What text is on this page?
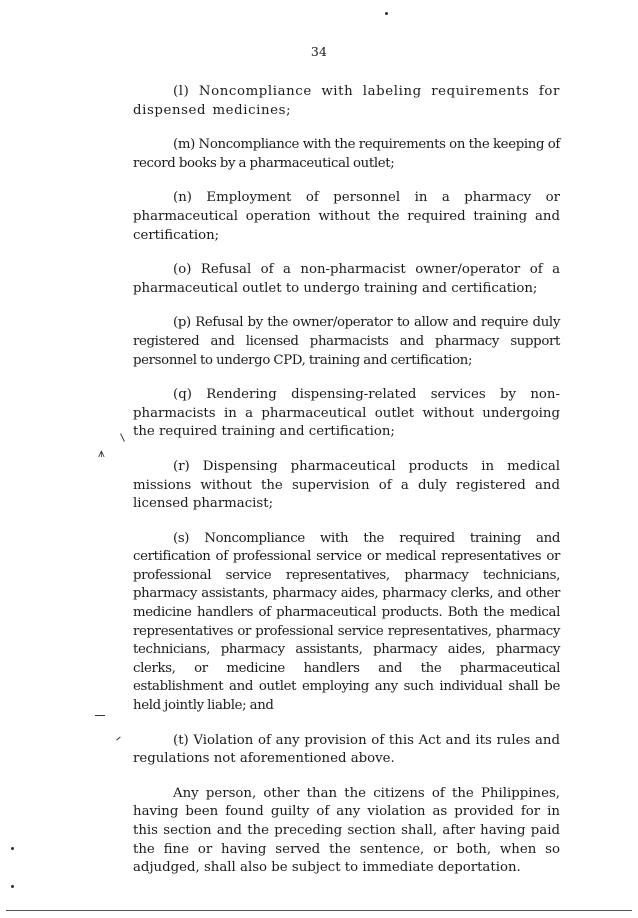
34

(l) Noncompliance with labeling requirements for dispensed medicines;

(m) Noncompliance with the requirements on the keeping of record books by a pharmaceutical outlet;

(n) Employment of personnel in a pharmacy or pharmaceutical operation without the required training and certification;

(o) Refusal of a non-pharmacist owner/operator of a pharmaceutical outlet to undergo training and certification;

(p) Refusal by the owner/operator to allow and require duly registered and licensed pharmacists and pharmacy support personnel to undergo CPD, training and certification;

(q) Rendering dispensing-related services by non-pharmacists in a pharmaceutical outlet without undergoing the required training and certification;

(r) Dispensing pharmaceutical products in medical missions without the supervision of a duly registered and licensed pharmacist;

(s) Noncompliance with the required training and certification of professional service or medical representatives or professional service representatives, pharmacy technicians, pharmacy assistants, pharmacy aides, pharmacy clerks, and other medicine handlers of pharmaceutical products. Both the medical representatives or professional service representatives, pharmacy technicians, pharmacy assistants, pharmacy aides, pharmacy clerks, or medicine handlers and the pharmaceutical establishment and outlet employing any such individual shall be held jointly liable; and

(t) Violation of any provision of this Act and its rules and regulations not aforementioned above.

Any person, other than the citizens of the Philippines, having been found guilty of any violation as provided for in this section and the preceding section shall, after having paid the fine or having served the sentence, or both, when so adjudged, shall also be subject to immediate deportation.

⩚
